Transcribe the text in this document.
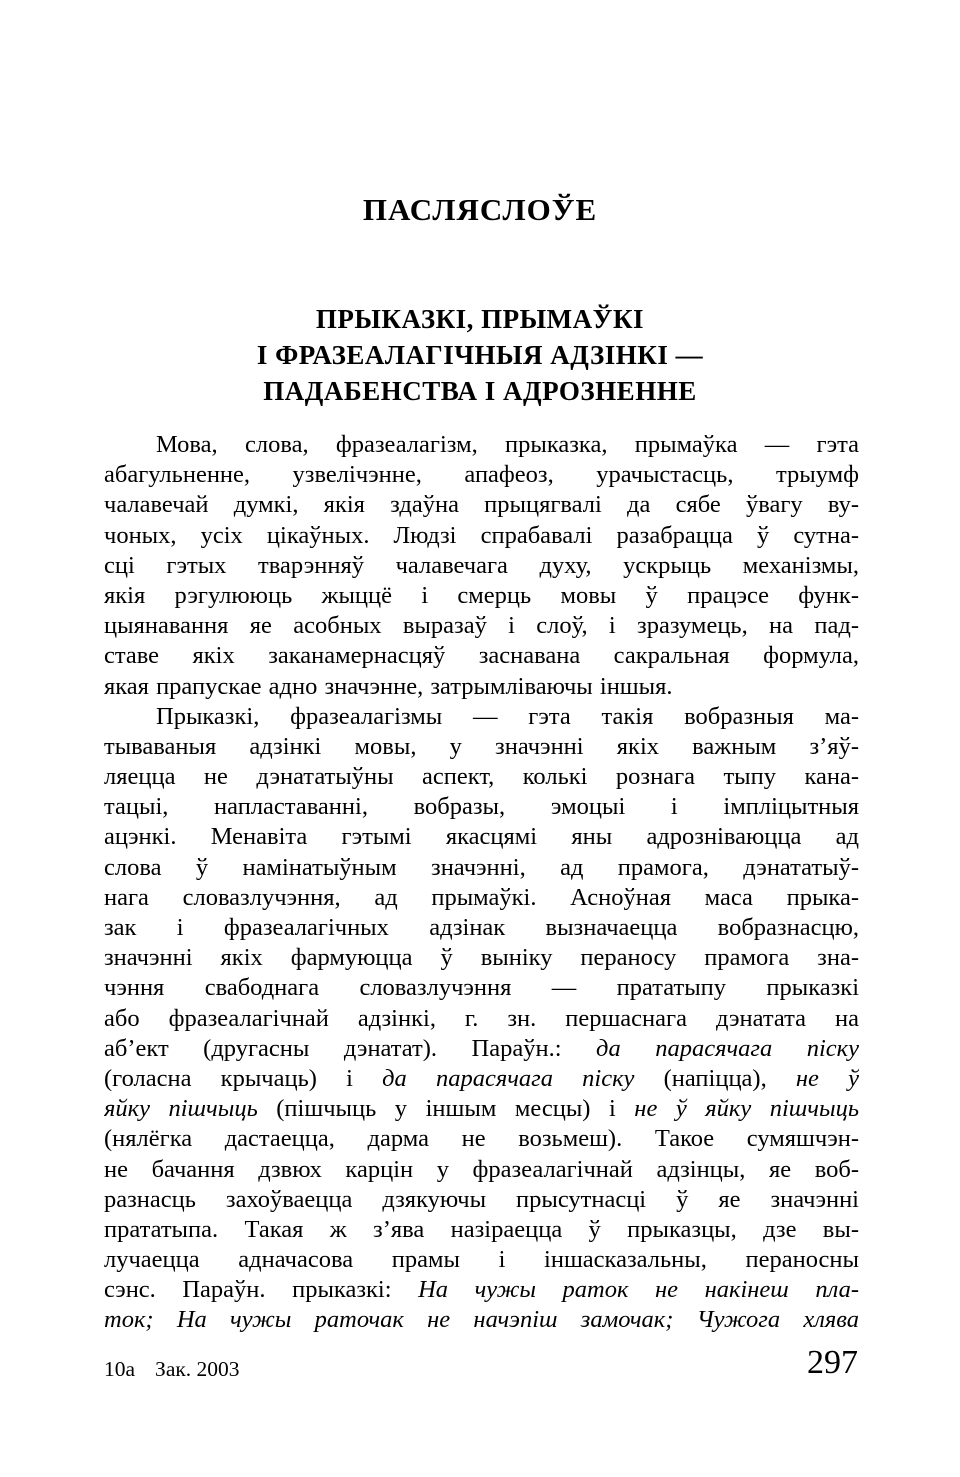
ПАСЛЯСЛОЎЕ
ПРЫКАЗКІ, ПРЫМАЎКІ
І ФРАЗЕАЛАГІЧНЫЯ АДЗІНКІ —
ПАДАБЕНСТВА І АДРОЗНЕННЕ
Мова, слова, фразеалагізм, прыказка, прымаўка — гэта
абагульненне, узвелічэнне, апафеоз, урачыстасць, трыумф
чалавечай думкі, якія здаўна прыцягвалі да сябе ўвагу ву-
чоных, усіх цікаўных. Людзі спрабавалі разабрацца ў сутна-
сці гэтых тварэнняў чалавечага духу, ускрыць механізмы,
якія рэгулююць жыццё і смерць мовы ў працэсе функ-
цыянавання яе асобных выразаў і слоў, і зразумець, на пад-
ставе якіх заканамернасцяў заснавана сакральная формула,
якая прапускае адно значэнне, затрымліваючы іншыя.
Прыказкі, фразеалагізмы — гэта такія вобразныя ма-
тываваныя адзінкі мовы, у значэнні якіх важным з’яў-
ляецца не дэнататыўны аспект, колькі рознага тыпу кана-
тацыі, напластаванні, вобразы, эмоцыі і імпліцытныя
ацэнкі. Менавіта гэтымі якасцямі яны адрозніваюцца ад
слова ў намінатыўным значэнні, ад прамога, дэнататыў-
нага словазлучэння, ад прымаўкі. Асноўная маса прыка-
зак і фразеалагічных адзінак вызначаецца вобразнасцю,
значэнні якіх фармуюцца ў выніку пераносу прамога зна-
чэння свабоднага словазлучэння — прататыпу прыказкі
або фразеалагічнай адзінкі, г. зн. першаснага дэнатата на
аб’ект (другасны дэнатат). Параўн.: да парасячага піску
(голасна крычаць) і да парасячага піску (напіцца), не ў
яйку пішчыць (пішчыць у іншым месцы) і не ў яйку пішчыць
(нялёгка дастаецца, дарма не возьмеш). Такое сумяшчэн-
не бачання дзвюх карцін у фразеалагічнай адзінцы, яе воб-
разнасць захоўваецца дзякуючы прысутнасці ў яе значэнні
прататыпа. Такая ж з’ява назіраецца ў прыказцы, дзе вы-
лучаецца адначасова прамы і іншасказальны, пераносны
сэнс. Параўн. прыказкі: На чужы раток не накінеш пла-
ток; На чужы раточак не начэпіш замочак; Чужога хлява
10а Зак. 2003	297
